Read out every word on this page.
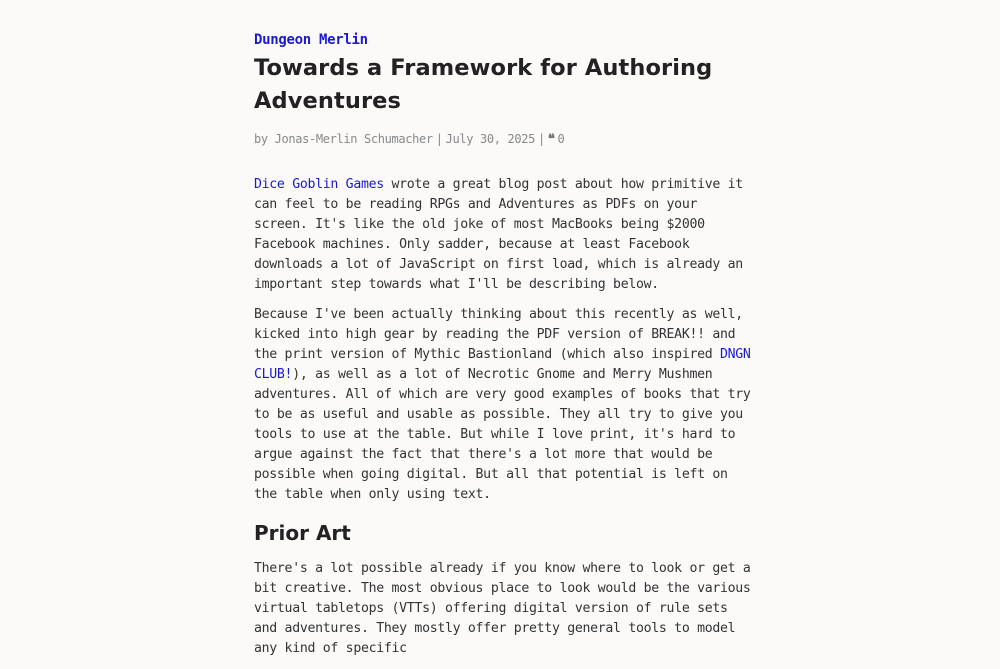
Dungeon Merlin
Towards a Framework for Authoring Adventures
by Jonas-Merlin Schumacher | July 30, 2025 | ❝ 0

Dice Goblin Games wrote a great blog post about how primitive it can feel to be reading RPGs and Adventures as PDFs on your screen. It's like the old joke of most MacBooks being $2000 Facebook machines. Only sadder, because at least Facebook downloads a lot of JavaScript on first load, which is already an important step towards what I'll be describing below.

Because I've been actually thinking about this recently as well, kicked into high gear by reading the PDF version of BREAK!! and the print version of Mythic Bastionland (which also inspired DNGN CLUB!), as well as a lot of Necrotic Gnome and Merry Mushmen adventures. All of which are very good examples of books that try to be as useful and usable as possible. They all try to give you tools to use at the table. But while I love print, it's hard to argue against the fact that there's a lot more that would be possible when going digital. But all that potential is left on the table when only using text.

Prior Art

There's a lot possible already if you know where to look or get a bit creative. The most obvious place to look would be the various virtual tabletops (VTTs) offering digital version of rule sets and adventures. They mostly offer pretty general tools to model any kind of specific
